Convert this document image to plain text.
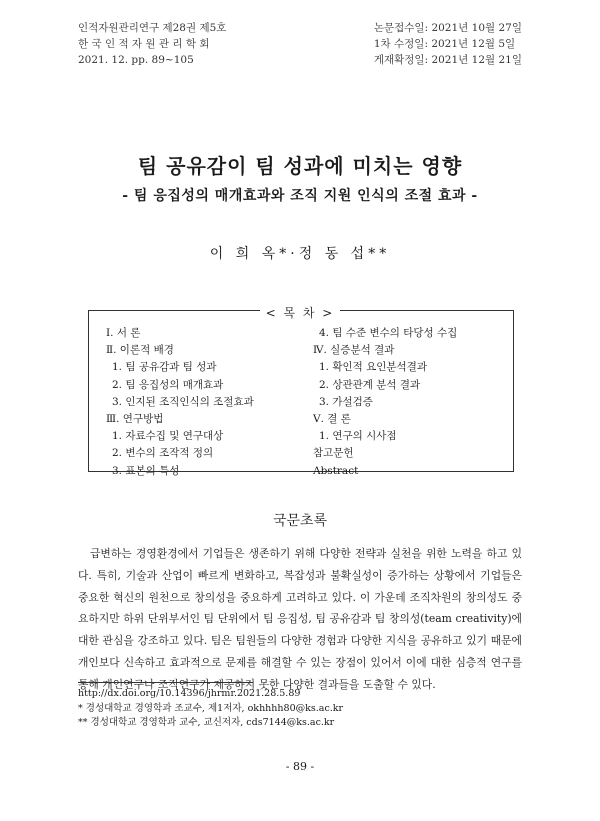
인적자원관리연구 제28권 제5호
한 국 인 적 자 원 관 리 학 회
2021. 12. pp. 89~105
논문접수일: 2021년 10월 27일
1차 수정일: 2021년 12월 5일
게재확정일: 2021년 12월 21일
팀 공유감이 팀 성과에 미치는 영향
- 팀 응집성의 매개효과와 조직 지원 인식의 조절 효과 -
이 희 옥*·정 동 섭**
< 목 차 >
Ⅰ. 서 론
Ⅱ. 이론적 배경
1. 팀 공유감과 팀 성과
2. 팀 응집성의 매개효과
3. 인지된 조직인식의 조절효과
Ⅲ. 연구방법
1. 자료수집 및 연구대상
2. 변수의 조작적 정의
3. 표본의 특성
4. 팀 수준 변수의 타당성 수집
Ⅳ. 실증분석 결과
1. 확인적 요인분석결과
2. 상관관계 분석 결과
3. 가설검증
Ⅴ. 결 론
1. 연구의 시사점
참고문헌
Abstract
국문초록
급변하는 경영환경에서 기업들은 생존하기 위해 다양한 전략과 실천을 위한 노력을 하고 있다. 특히, 기술과 산업이 빠르게 변화하고, 복잡성과 불확실성이 증가하는 상황에서 기업들은 중요한 혁신의 원천으로 창의성을 중요하게 고려하고 있다. 이 가운데 조직차원의 창의성도 중요하지만 하위 단위부서인 팀 단위에서 팀 응집성, 팀 공유감과 팀 창의성(team creativity)에 대한 관심을 강조하고 있다. 팀은 팀원들의 다양한 경험과 다양한 지식을 공유하고 있기 때문에 개인보다 신속하고 효과적으로 문제를 해결할 수 있는 장점이 있어서 이에 대한 심층적 연구를 통해 개인연구나 조직연구가 제공하지 못한 다양한 결과들을 도출할 수 있다.
http://dx.doi.org/10.14396/jhrmr.2021.28.5.89
* 경성대학교 경영학과 조교수, 제1저자, okhhhh80@ks.ac.kr
** 경성대학교 경영학과 교수, 교신저자, cds7144@ks.ac.kr
- 89 -
